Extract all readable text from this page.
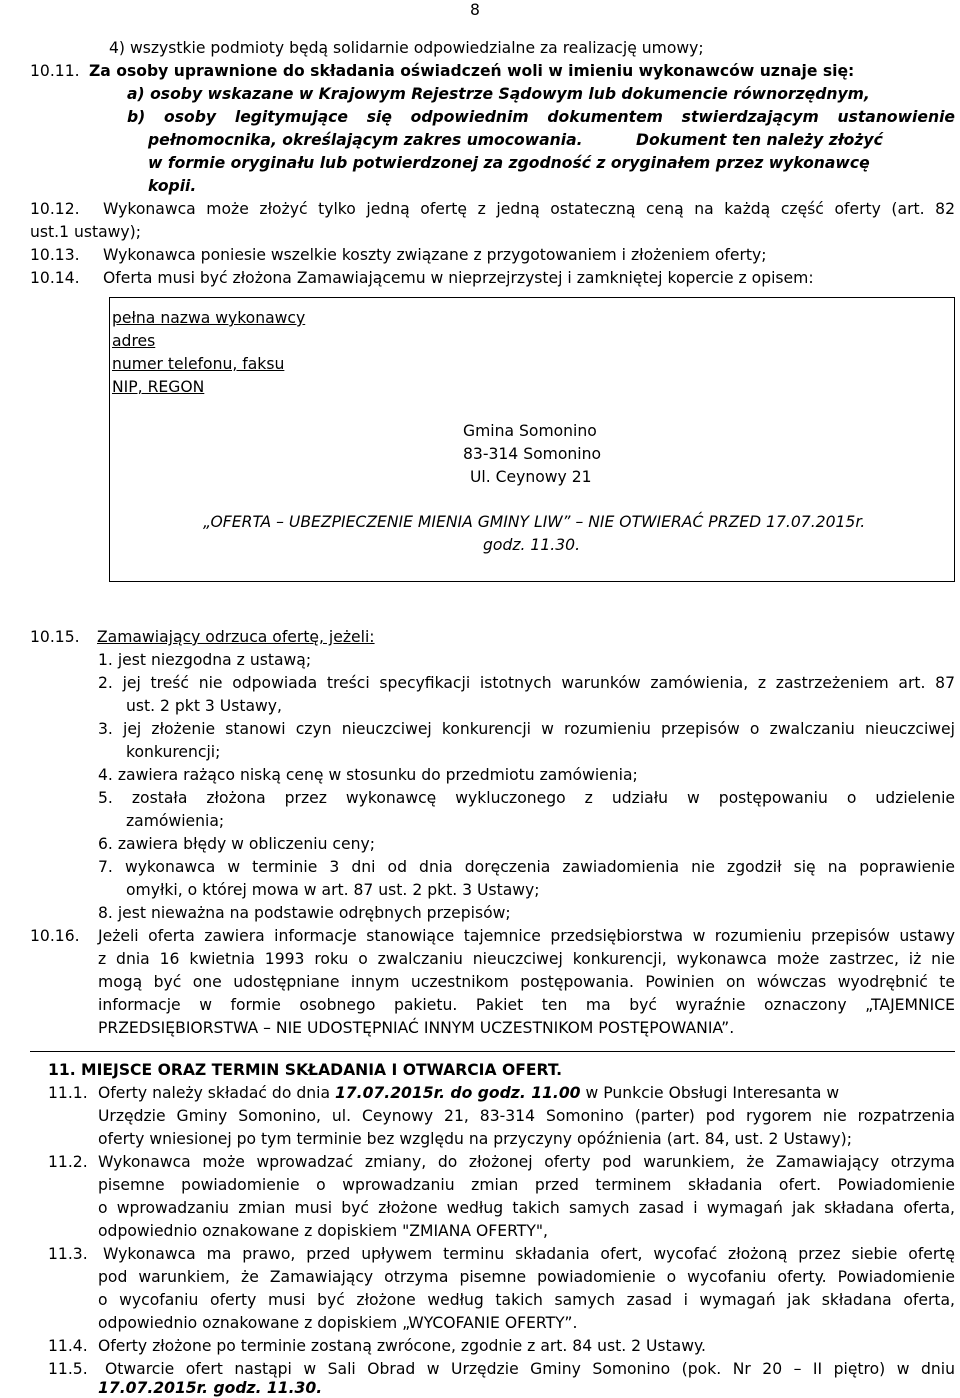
8
4) wszystkie podmioty będą solidarnie odpowiedzialne za realizację umowy;
10.11. Za osoby uprawnione do składania oświadczeń woli w imieniu wykonawców uznaje się:
a) osoby wskazane w Krajowym Rejestrze Sądowym lub dokumencie równorzędnym,
b) osoby legitymujące się odpowiednim dokumentem stwierdzającym ustanowienie
pełnomocnika, określającym zakres umocowania.	Dokument ten należy złożyć
w formie oryginału lub potwierdzonej za zgodność z oryginałem przez wykonawcę
kopii.
10.12. Wykonawca może złożyć tylko jedną ofertę z jedną ostateczną ceną na każdą część oferty (art. 82
ust.1 ustawy);
10.13. Wykonawca poniesie wszelkie koszty związane z przygotowaniem i złożeniem oferty;
10.14. Oferta musi być złożona Zamawiającemu w nieprzejrzystej i zamkniętej kopercie z opisem:
pełna nazwa wykonawcy
adres
numer telefonu, faksu
NIP, REGON
Gmina Somonino
83-314 Somonino
Ul. Ceynowy 21
„OFERTA – UBEZPIECZENIE MIENIA GMINY LIW” – NIE OTWIERAĆ PRZED 17.07.2015r.
godz. 11.30.
10.15. Zamawiający odrzuca ofertę, jeżeli:
1. jest niezgodna z ustawą;
2. jej treść nie odpowiada treści specyfikacji istotnych warunków zamówienia, z zastrzeżeniem art. 87
ust. 2 pkt 3 Ustawy,
3. jej złożenie stanowi czyn nieuczciwej konkurencji w rozumieniu przepisów o zwalczaniu nieuczciwej
konkurencji;
4. zawiera rażąco niską cenę w stosunku do przedmiotu zamówienia;
5. została złożona przez wykonawcę wykluczonego z udziału w postępowaniu o udzielenie
zamówienia;
6. zawiera błędy w obliczeniu ceny;
7. wykonawca w terminie 3 dni od dnia doręczenia zawiadomienia nie zgodził się na poprawienie
omyłki, o której mowa w art. 87 ust. 2 pkt. 3 Ustawy;
8. jest nieważna na podstawie odrębnych przepisów;
10.16. Jeżeli oferta zawiera informacje stanowiące tajemnice przedsiębiorstwa w rozumieniu przepisów ustawy
z dnia 16 kwietnia 1993 roku o zwalczaniu nieuczciwej konkurencji, wykonawca może zastrzec, iż nie
mogą być one udostępniane innym uczestnikom postępowania. Powinien on wówczas wyodrębnić te
informacje w formie osobnego pakietu. Pakiet ten ma być wyraźnie oznaczony „TAJEMNICE
PRZEDSIĘBIORSTWA – NIE UDOSTĘPNIAĆ INNYM UCZESTNIKOM POSTĘPOWANIA”.
11. MIEJSCE ORAZ TERMIN SKŁADANIA I OTWARCIA OFERT.
11.1. Oferty należy składać do dnia 17.07.2015r. do godz. 11.00 w Punkcie Obsługi Interesanta w
Urzędzie Gminy Somonino, ul. Ceynowy 21, 83-314 Somonino (parter) pod rygorem nie rozpatrzenia
oferty wniesionej po tym terminie bez względu na przyczyny opóźnienia (art. 84, ust. 2 Ustawy);
11.2. Wykonawca może wprowadzać zmiany, do złożonej oferty pod warunkiem, że Zamawiający otrzyma
pisemne powiadomienie o wprowadzaniu zmian przed terminem składania ofert. Powiadomienie
o wprowadzaniu zmian musi być złożone według takich samych zasad i wymagań jak składana oferta,
odpowiednio oznakowane z dopiskiem "ZMIANA OFERTY",
11.3. Wykonawca ma prawo, przed upływem terminu składania ofert, wycofać złożoną przez siebie ofertę
pod warunkiem, że Zamawiający otrzyma pisemne powiadomienie o wycofaniu oferty. Powiadomienie
o wycofaniu oferty musi być złożone według takich samych zasad i wymagań jak składana oferta,
odpowiednio oznakowane z dopiskiem „WYCOFANIE OFERTY”.
11.4. Oferty złożone po terminie zostaną zwrócone, zgodnie z art. 84 ust. 2 Ustawy.
11.5. Otwarcie ofert nastąpi w Sali Obrad w Urzędzie Gminy Somonino (pok. Nr 20 – II piętro) w dniu
17.07.2015r. godz. 11.30.
